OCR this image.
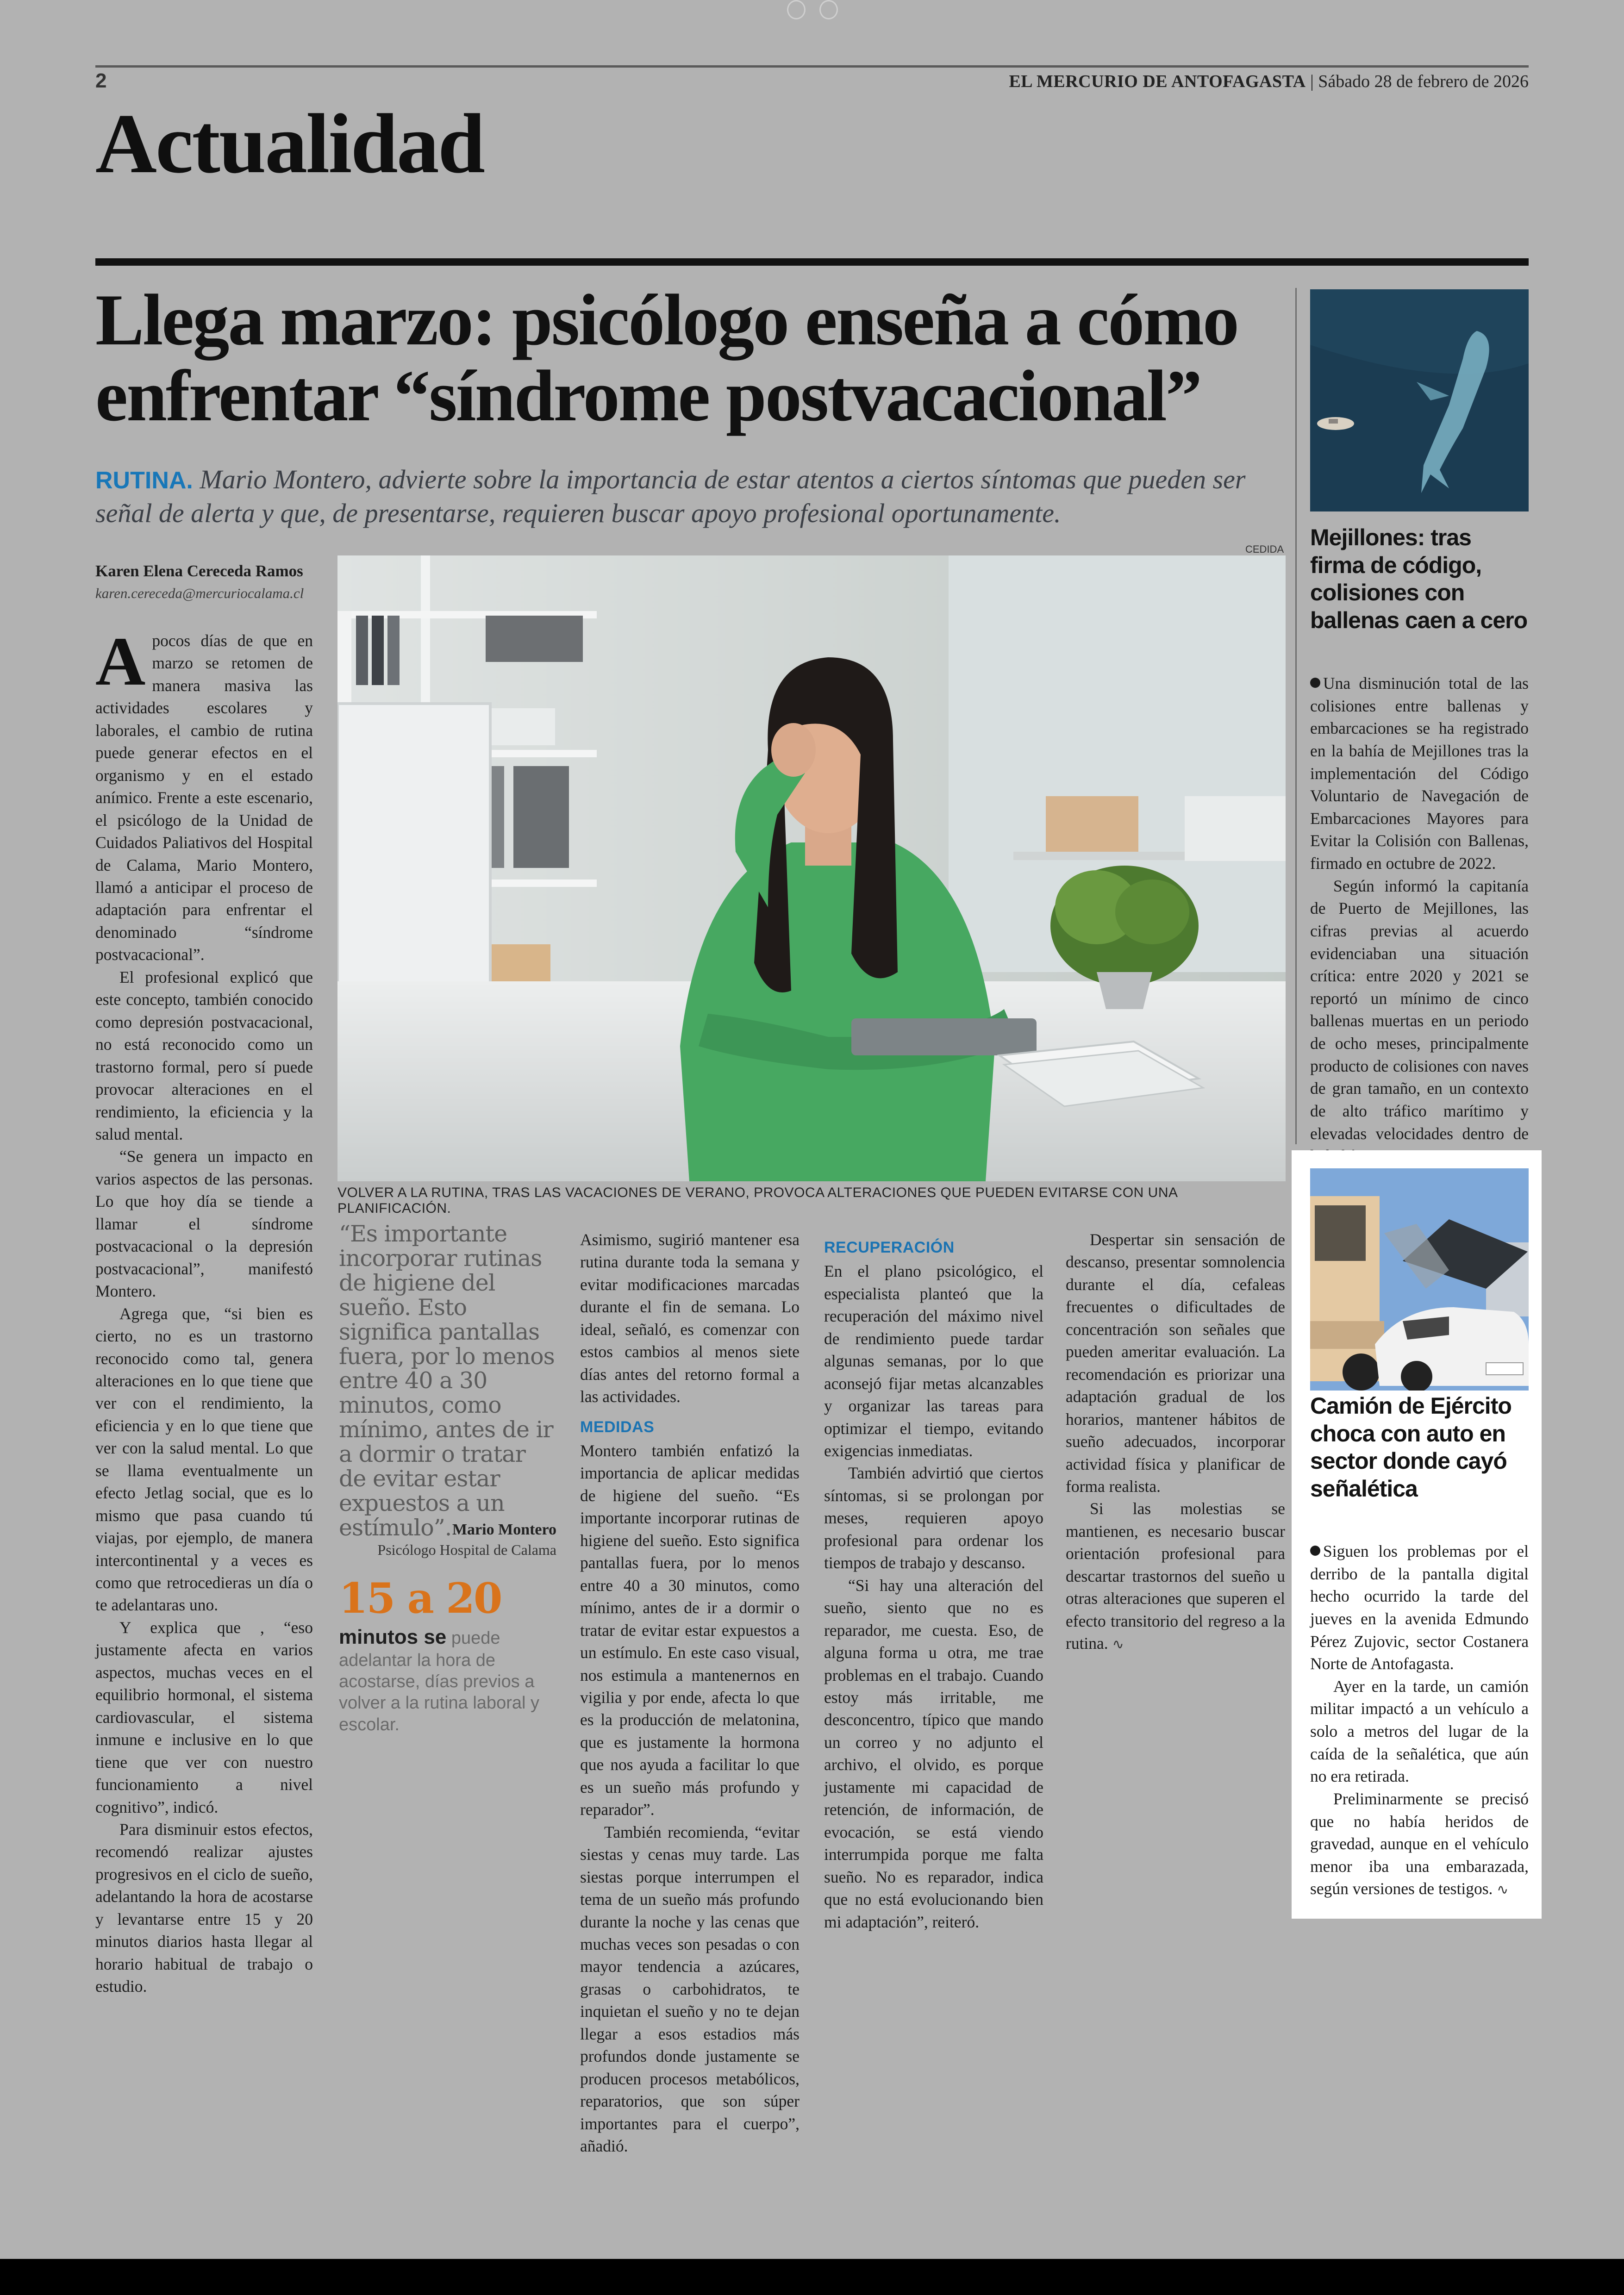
2	EL MERCURIO DE ANTOFAGASTA | Sábado 28 de febrero de 2026
Actualidad
Llega marzo: psicólogo enseña a cómo enfrentar “síndrome postvacacional”
RUTINA. Mario Montero, advierte sobre la importancia de estar atentos a ciertos síntomas que pueden ser señal de alerta y que, de presentarse, requieren buscar apoyo profesional oportunamente.
CEDIDA
VOLVER A LA RUTINA, TRAS LAS VACACIONES DE VERANO, PROVOCA ALTERACIONES QUE PUEDEN EVITARSE CON UNA PLANIFICACIÓN.
Karen Elena Cereceda Ramos
karen.cereceda@mercuriocalama.cl

Apocos días de que en marzo se retomen de manera masiva las actividades escolares y laborales, el cambio de rutina puede generar efectos en el organismo y en el estado anímico. Frente a este escenario, el psicólogo de la Unidad de Cuidados Paliativos del Hospital de Calama, Mario Montero, llamó a anticipar el proceso de adaptación para enfrentar el denominado “síndrome postvacacional”.

El profesional explicó que este concepto, también conocido como depresión postvacacional, no está reconocido como un trastorno formal, pero sí puede provocar alteraciones en el rendimiento, la eficiencia y la salud mental.

“Se genera un impacto en varios aspectos de las personas. Lo que hoy día se tiende a llamar el síndrome postvacacional o la depresión postvacacional”, manifestó Montero.

Agrega que, “si bien es cierto, no es un trastorno reconocido como tal, genera alteraciones en lo que tiene que ver con el rendimiento, la eficiencia y en lo que tiene que ver con la salud mental. Lo que se llama eventualmente un efecto Jetlag social, que es lo mismo que pasa cuando tú viajas, por ejemplo, de manera intercontinental y a veces es como que retrocedieras un día o te adelantaras uno.

Y explica que , “eso justamente afecta en varios aspectos, muchas veces en el equilibrio hormonal, el sistema cardiovascular, el sistema inmune e inclusive en lo que tiene que ver con nuestro funcionamiento a nivel cognitivo”, indicó.

Para disminuir estos efectos, recomendó realizar ajustes progresivos en el ciclo de sueño, adelantando la hora de acostarse y levantarse entre 15 y 20 minutos diarios hasta llegar al horario habitual de trabajo o estudio.

“Es importante incorporar rutinas de higiene del sueño. Esto significa pantallas fuera, por lo menos entre 40 a 30 minutos, como mínimo, antes de ir a dormir o tratar de evitar estar expuestos a un estímulo”. Mario Montero
Psicólogo Hospital de Calama
15 a 20
minutos se puede adelantar la hora de acostarse, días previos a volver a la rutina laboral y escolar.

Asimismo, sugirió mantener esa rutina durante toda la semana y evitar modificaciones marcadas durante el fin de semana. Lo ideal, señaló, es comenzar con estos cambios al menos siete días antes del retorno formal a las actividades.

MEDIDAS

Montero también enfatizó la importancia de aplicar medidas de higiene del sueño. “Es importante incorporar rutinas de higiene del sueño. Esto significa pantallas fuera, por lo menos entre 40 a 30 minutos, como mínimo, antes de ir a dormir o tratar de evitar estar expuestos a un estímulo. En este caso visual, nos estimula a mantenernos en vigilia y por ende, afecta lo que es la producción de melatonina, que es justamente la hormona que nos ayuda a facilitar lo que es un sueño más profundo y reparador”.

También recomienda, “evitar siestas y cenas muy tarde. Las siestas porque interrumpen el tema de un sueño más profundo durante la noche y las cenas que muchas veces son pesadas o con mayor tendencia a azúcares, grasas o carbohidratos, te inquietan el sueño y no te dejan llegar a esos estadios más profundos donde justamente se producen procesos metabólicos, reparatorios, que son súper importantes para el cuerpo”, añadió.

RECUPERACIÓN

En el plano psicológico, el especialista planteó que la recuperación del máximo nivel de rendimiento puede tardar algunas semanas, por lo que aconsejó fijar metas alcanzables y organizar las tareas para optimizar el tiempo, evitando exigencias inmediatas.

También advirtió que ciertos síntomas, si se prolongan por meses, requieren apoyo profesional para ordenar los tiempos de trabajo y descanso.

“Si hay una alteración del sueño, siento que no es reparador, me cuesta. Eso, de alguna forma u otra, me trae problemas en el trabajo. Cuando estoy más irritable, me desconcentro, típico que mando un correo y no adjunto el archivo, el olvido, es porque justamente mi capacidad de retención, de información, de evocación, se está viendo interrumpida porque me falta sueño. No es reparador, indica que no está evolucionando bien mi adaptación”, reiteró.

Despertar sin sensación de descanso, presentar somnolencia durante el día, cefaleas frecuentes o dificultades de concentración son señales que pueden ameritar evaluación. La recomendación es priorizar una adaptación gradual de los horarios, mantener hábitos de sueño adecuados, incorporar actividad física y planificar de forma realista.

Si las molestias se mantienen, es necesario buscar orientación profesional para descartar trastornos del sueño u otras alteraciones que superen el efecto transitorio del regreso a la rutina. ∿

Mejillones: tras firma de código, colisiones con ballenas caen a cero

Una disminución total de las colisiones entre ballenas y embarcaciones se ha registrado en la bahía de Mejillones tras la implementación del Código Voluntario de Navegación de Embarcaciones Mayores para Evitar la Colisión con Ballenas, firmado en octubre de 2022.

Según informó la capitanía de Puerto de Mejillones, las cifras previas al acuerdo evidenciaban una situación crítica: entre 2020 y 2021 se reportó un mínimo de cinco ballenas muertas en un periodo de ocho meses, principalmente producto de colisiones con naves de gran tamaño, en un contexto de alto tráfico marítimo y elevadas velocidades dentro de

Camión de Ejército choca con auto en sector donde cayó señalética

Siguen los problemas por el derribo de la pantalla digital hecho ocurrido la tarde del jueves en la avenida Edmundo Pérez Zujovic, sector Costanera Norte de Antofagasta.

Ayer en la tarde, un camión militar impactó a un vehículo a solo a metros del lugar de la caída de la señalética, que aún no era retirada.

Preliminarmente se precisó que no había heridos de gravedad, aunque en el vehículo menor iba una embarazada, según versiones de testigos. ∿
